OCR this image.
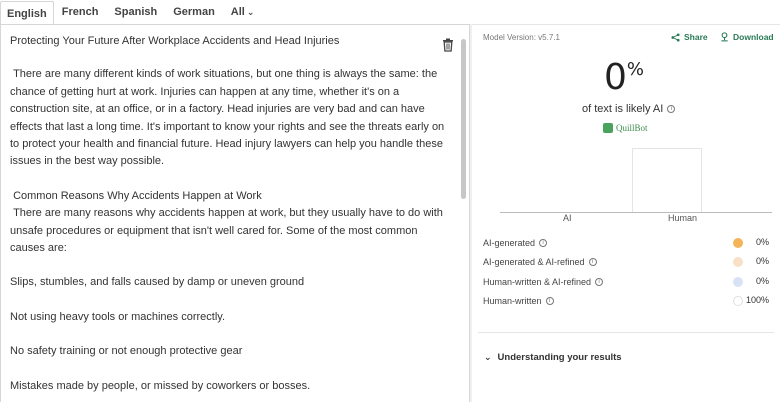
English	French	Spanish	German	All ⌄

Protecting Your Future After Workplace Accidents and Head Injuries

There are many different kinds of work situations, but one thing is always the same: the chance of getting hurt at work. Injuries can happen at any time, whether it's on a construction site, at an office, or in a factory. Head injuries are very bad and can have effects that last a long time. It's important to know your rights and see the threats early on to protect your health and financial future. Head injury lawyers can help you handle these issues in the best way possible.

Common Reasons Why Accidents Happen at Work
There are many reasons why accidents happen at work, but they usually have to do with unsafe procedures or equipment that isn't well cared for. Some of the most common causes are:

Slips, stumbles, and falls caused by damp or uneven ground

Not using heavy tools or machines correctly.

No safety training or not enough protective gear

Mistakes made by people, or missed by coworkers or bosses.

Model Version: v5.7.1	Share	Download
0%
of text is likely AI	i
QuillBot
AI	Human
AI-generated	i	0%
AI-generated & AI-refined	i	0%
Human-written & AI-refined	i	0%
Human-written	i	100%
⌄ Understanding your results
